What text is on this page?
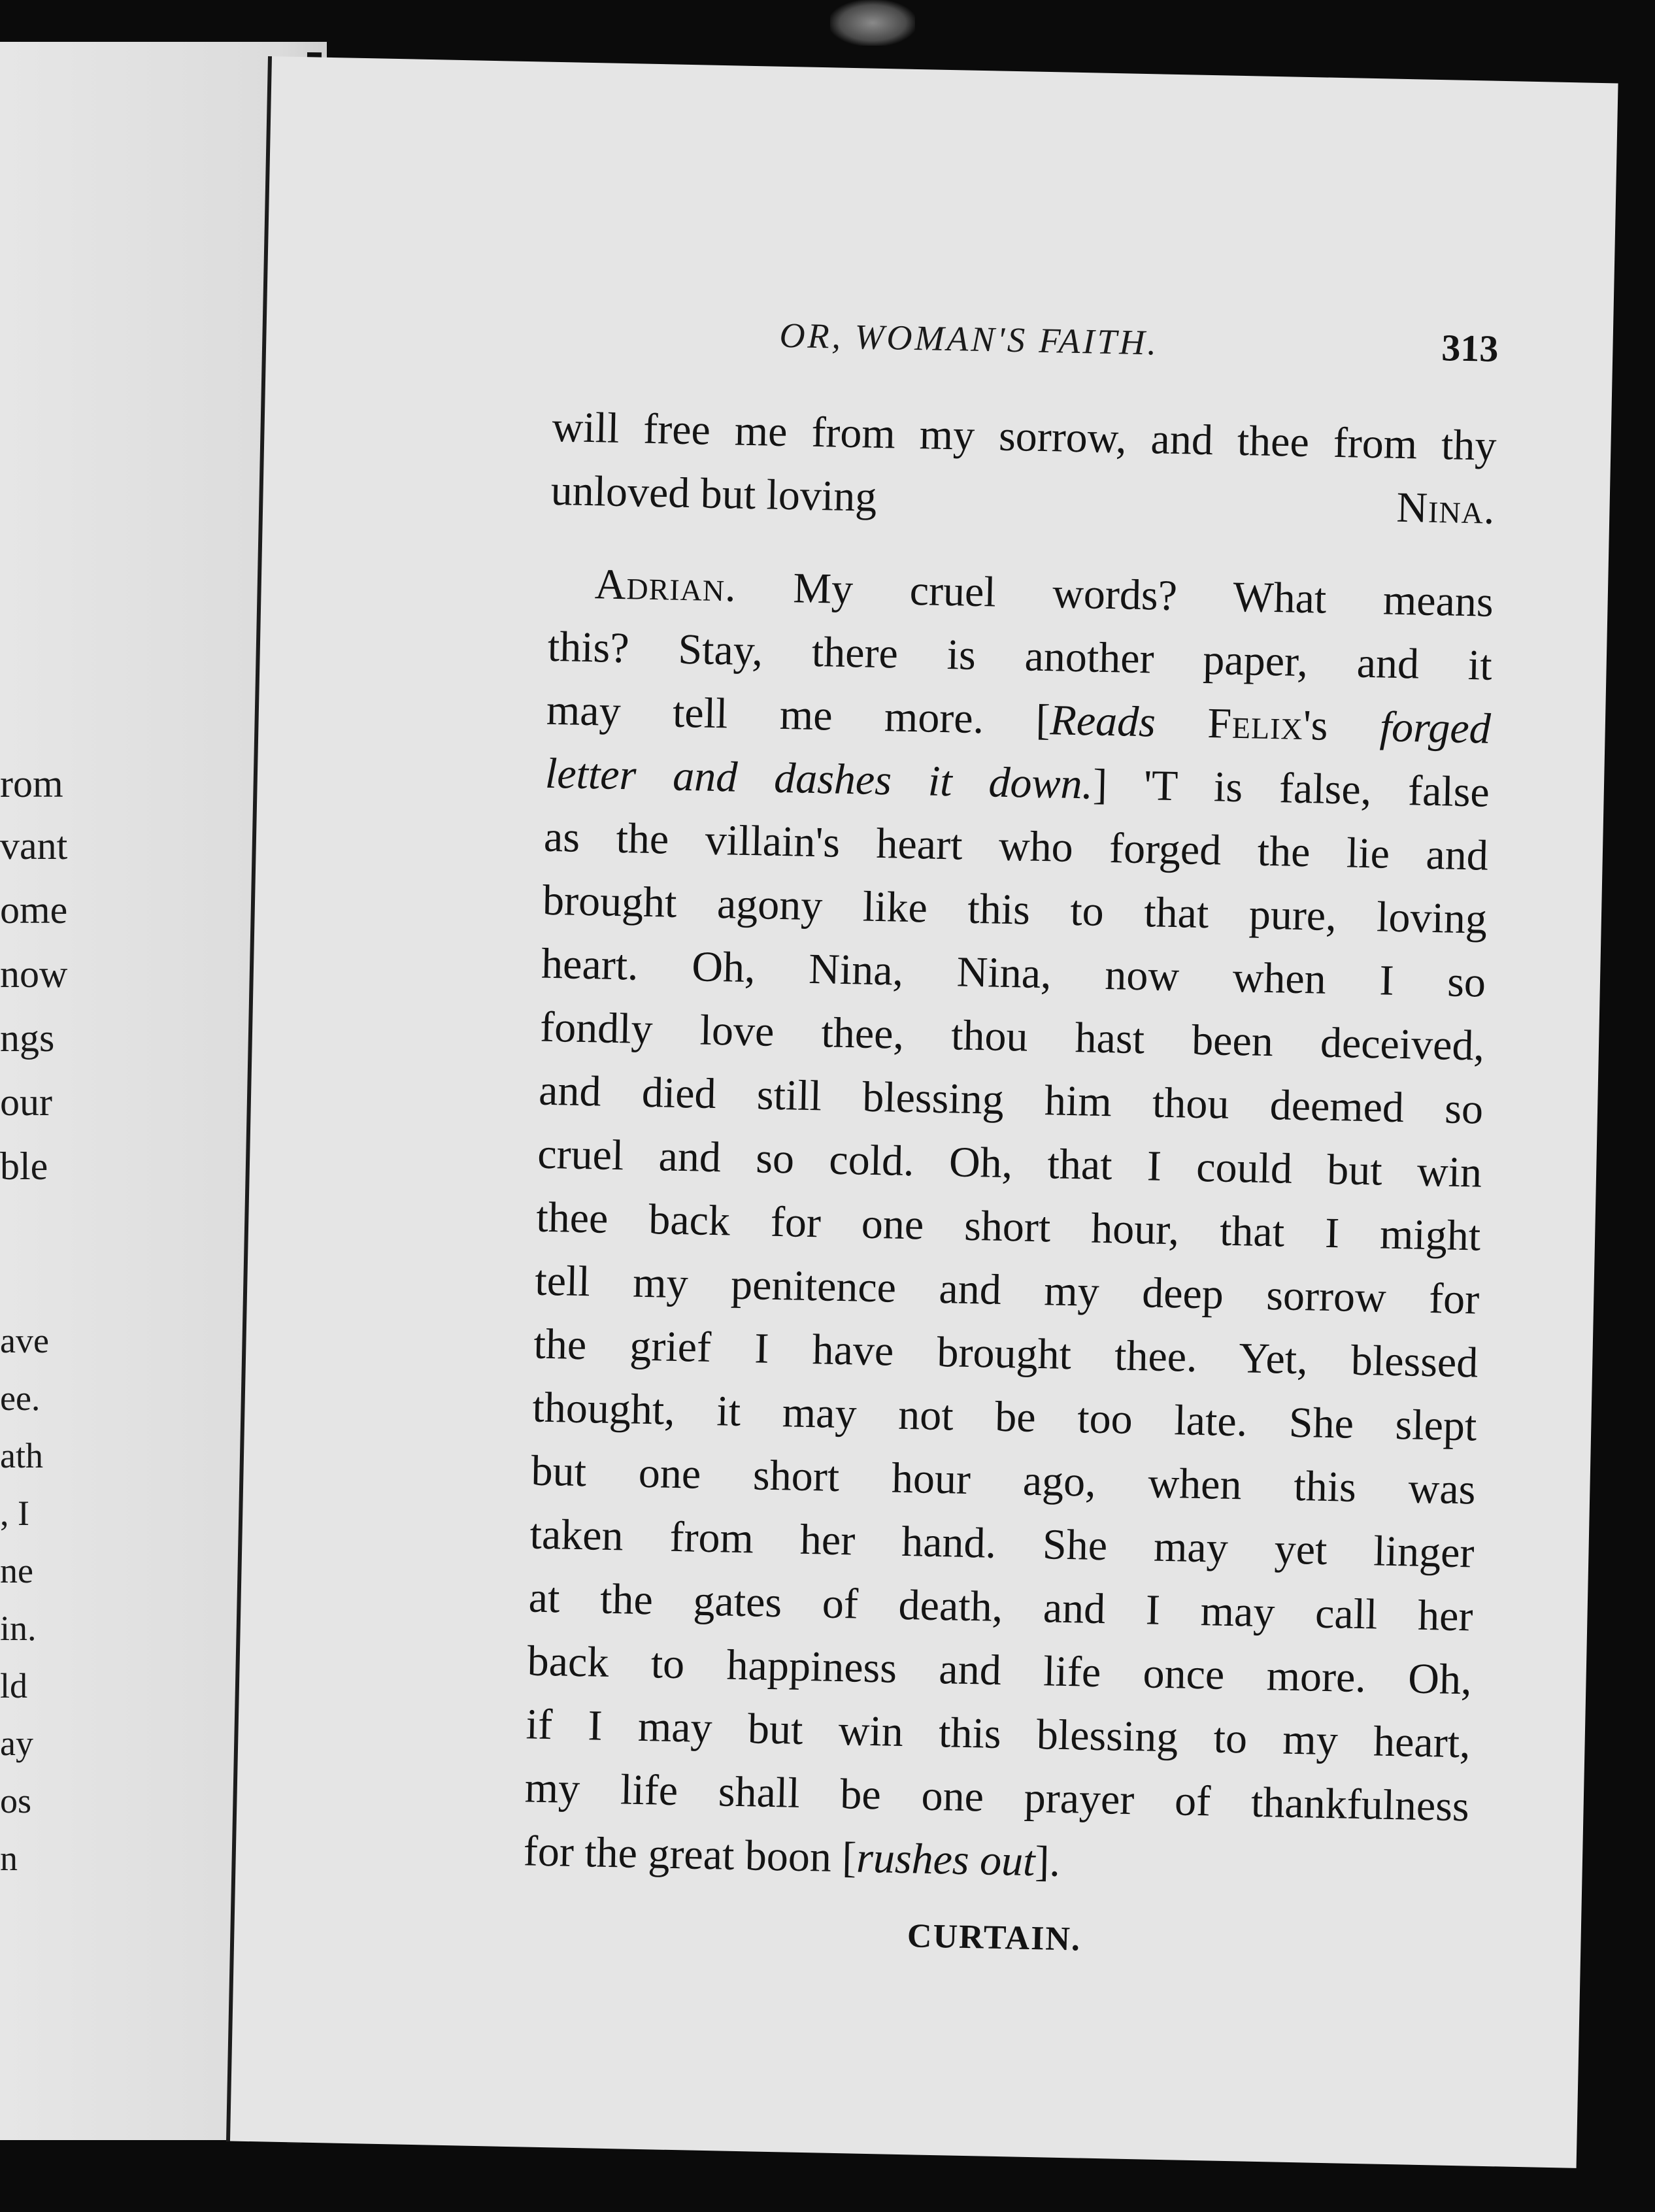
rom

vant

ome

now

ngs

our

ble

ave

ee.

ath

, I

ne

in.

ld

ay

os

n

OR, WOMAN'S FAITH.	313

will free me from my sorrow, and thee from thy

unloved but loving	Nina.

Adrian. My cruel words? What means

this? Stay, there is another paper, and it

may tell me more. [Reads Felix's forged

letter and dashes it down.] 'T is false, false

as the villain's heart who forged the lie and

brought agony like this to that pure, loving

heart. Oh, Nina, Nina, now when I so

fondly love thee, thou hast been deceived,

and died still blessing him thou deemed so

cruel and so cold. Oh, that I could but win

thee back for one short hour, that I might

tell my penitence and my deep sorrow for

the grief I have brought thee. Yet, blessed

thought, it may not be too late. She slept

but one short hour ago, when this was

taken from her hand. She may yet linger

at the gates of death, and I may call her

back to happiness and life once more. Oh,

if I may but win this blessing to my heart,

my life shall be one prayer of thankfulness

for the great boon [rushes out].

CURTAIN.
